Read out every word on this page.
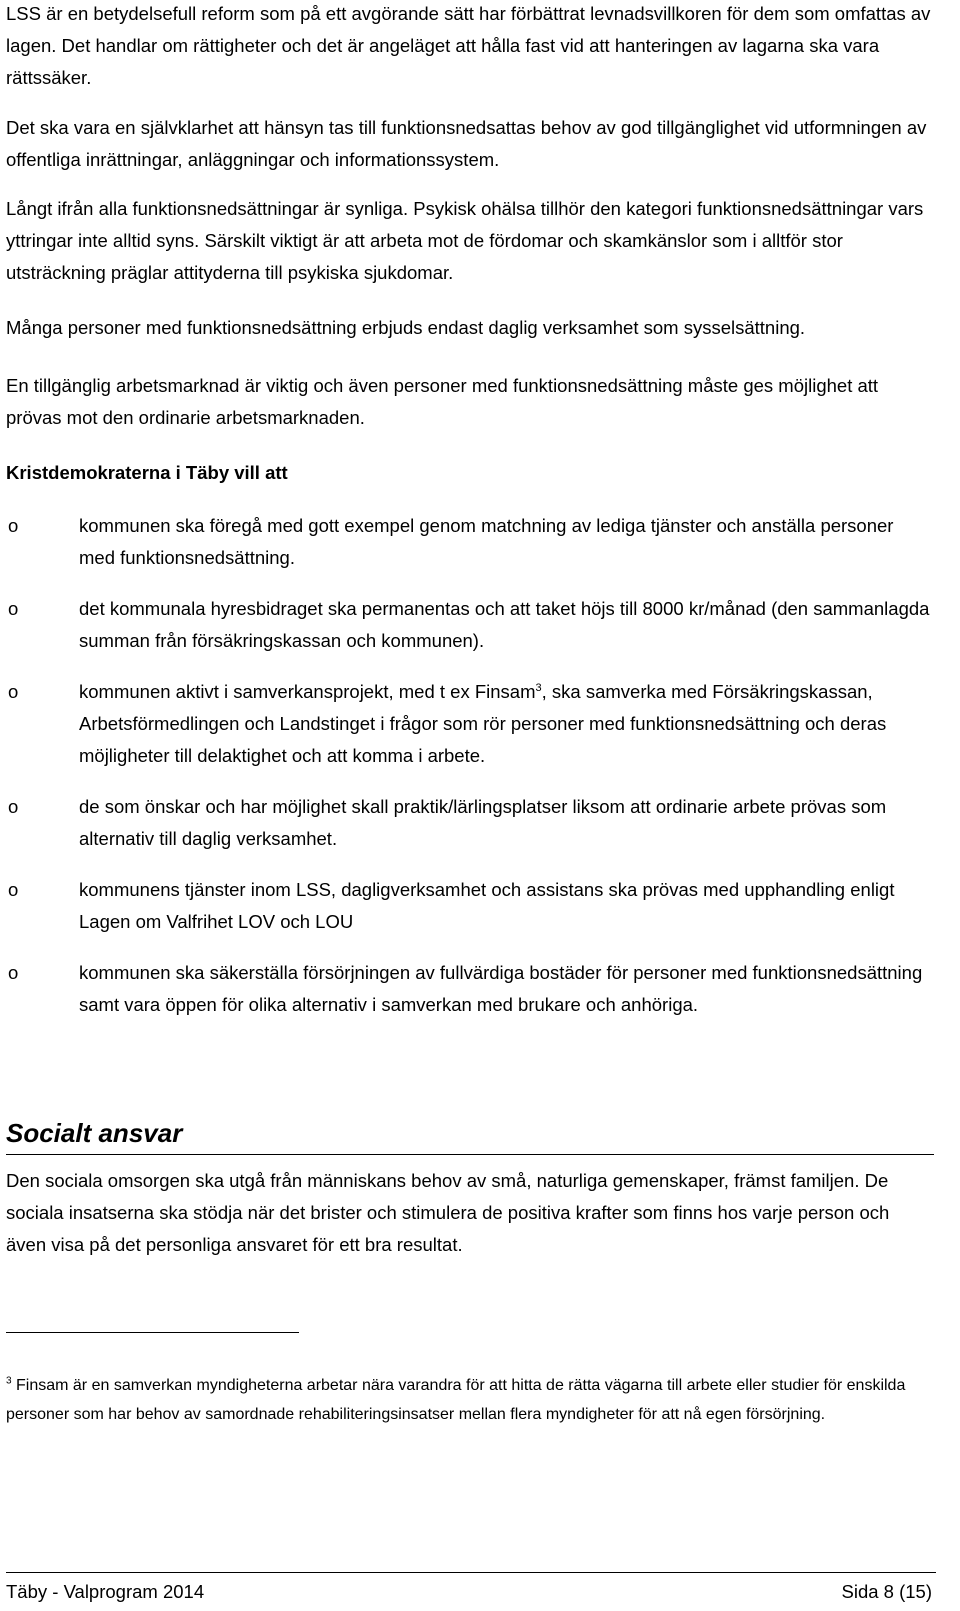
LSS är en betydelsefull reform som på ett avgörande sätt har förbättrat levnadsvillkoren för dem som omfattas av lagen. Det handlar om rättigheter och det är angeläget att hålla fast vid att hanteringen av lagarna ska vara rättssäker.

Det ska vara en självklarhet att hänsyn tas till funktionsnedsattas behov av god tillgänglighet vid utformningen av offentliga inrättningar, anläggningar och informationssystem.

Långt ifrån alla funktionsnedsättningar är synliga. Psykisk ohälsa tillhör den kategori funktionsnedsättningar vars yttringar inte alltid syns. Särskilt viktigt är att arbeta mot de fördomar och skamkänslor som i alltför stor utsträckning präglar attityderna till psykiska sjukdomar.

Många personer med funktionsnedsättning erbjuds endast daglig verksamhet som sysselsättning.

En tillgänglig arbetsmarknad är viktig och även personer med funktionsnedsättning måste ges möjlighet att prövas mot den ordinarie arbetsmarknaden.

Kristdemokraterna i Täby vill att
o	kommunen ska föregå med gott exempel genom matchning av lediga tjänster och anställa personer med funktionsnedsättning.
o	det kommunala hyresbidraget ska permanentas och att taket höjs till 8000 kr/månad (den sammanlagda summan från försäkringskassan och kommunen).
o	kommunen aktivt i samverkansprojekt, med t ex Finsam$^3$, ska samverka med Försäkringskassan, Arbetsförmedlingen och Landstinget i frågor som rör personer med funktionsnedsättning och deras möjligheter till delaktighet och att komma i arbete.
o	de som önskar och har möjlighet skall praktik/lärlingsplatser liksom att ordinarie arbete prövas som alternativ till daglig verksamhet.
o	kommunens tjänster inom LSS, dagligverksamhet och assistans ska prövas med upphandling enligt Lagen om Valfrihet LOV och LOU
o	kommunen ska säkerställa försörjningen av fullvärdiga bostäder för personer med funktionsnedsättning samt vara öppen för olika alternativ i samverkan med brukare och anhöriga.
Socialt ansvar

Den sociala omsorgen ska utgå från människans behov av små, naturliga gemenskaper, främst familjen. De sociala insatserna ska stödja när det brister och stimulera de positiva krafter som finns hos varje person och även visa på det personliga ansvaret för ett bra resultat.

$^3$ Finsam är en samverkan myndigheterna arbetar nära varandra för att hitta de rätta vägarna till arbete eller studier för enskilda personer som har behov av samordnade rehabiliteringsinsatser mellan flera myndigheter för att nå egen försörjning.
Täby - Valprogram 2014	Sida 8 (15)
